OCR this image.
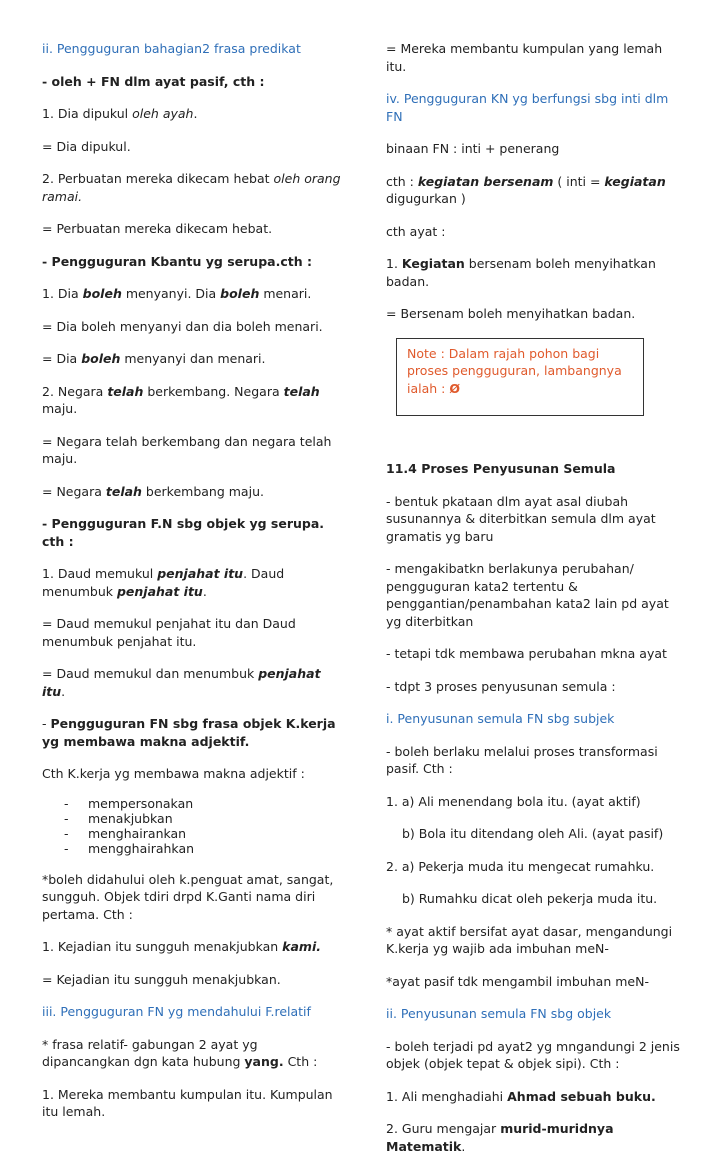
ii. Pengguguran bahagian2 frasa predikat

- oleh + FN dlm ayat pasif, cth :

1. Dia dipukul oleh ayah.

= Dia dipukul.

2. Perbuatan mereka dikecam hebat oleh orang ramai.

= Perbuatan mereka dikecam hebat.

- Pengguguran Kbantu yg serupa.cth :

1. Dia boleh menyanyi. Dia boleh menari.

= Dia boleh menyanyi dan dia boleh menari.

= Dia boleh menyanyi dan menari.

2. Negara telah berkembang. Negara telah maju.

= Negara telah berkembang dan negara telah maju.

= Negara telah berkembang maju.

- Pengguguran F.N sbg objek yg serupa. cth :

1. Daud memukul penjahat itu. Daud menumbuk penjahat itu.

= Daud memukul penjahat itu dan Daud menumbuk penjahat itu.

= Daud memukul dan menumbuk penjahat itu.

- Pengguguran FN sbg frasa objek K.kerja yg membawa makna adjektif.

Cth K.kerja yg membawa makna adjektif :

- mempersonakan
- menakjubkan
- menghairankan
- mengghairahkan

*boleh didahului oleh k.penguat amat, sangat, sungguh. Objek tdiri drpd K.Ganti nama diri pertama. Cth :

1. Kejadian itu sungguh menakjubkan kami.

= Kejadian itu sungguh menakjubkan.

iii. Pengguguran FN yg mendahului F.relatif

* frasa relatif- gabungan 2 ayat yg dipancangkan dgn kata hubung yang. Cth :

1. Mereka membantu kumpulan itu. Kumpulan itu lemah.

= Mereka membantu kumpulan yang lemah itu.

iv. Pengguguran KN yg berfungsi sbg inti dlm FN

binaan FN : inti + penerang

cth : kegiatan bersenam ( inti = kegiatan digugurkan )

cth ayat :

1. Kegiatan bersenam boleh menyihatkan badan.

= Bersenam boleh menyihatkan badan.

Note : Dalam rajah pohon bagi proses pengguguran, lambangnya ialah : Ø

11.4 Proses Penyusunan Semula

- bentuk pkataan dlm ayat asal diubah susunannya & diterbitkan semula dlm ayat gramatis yg baru

- mengakibatkn berlakunya perubahan/ pengguguran kata2 tertentu & penggantian/penambahan kata2 lain pd ayat yg diterbitkan

- tetapi tdk membawa perubahan mkna ayat

- tdpt 3 proses penyusunan semula :

i. Penyusunan semula FN sbg subjek

- boleh berlaku melalui proses transformasi pasif. Cth :

1. a) Ali menendang bola itu. (ayat aktif)

b) Bola itu ditendang oleh Ali. (ayat pasif)

2. a) Pekerja muda itu mengecat rumahku.

b) Rumahku dicat oleh pekerja muda itu.

* ayat aktif bersifat ayat dasar, mengandungi K.kerja yg wajib ada imbuhan meN-

*ayat pasif tdk mengambil imbuhan meN-

ii. Penyusunan semula FN sbg objek

- boleh terjadi pd ayat2 yg mngandungi 2 jenis objek (objek tepat & objek sipi). Cth :

1. Ali menghadiahi Ahmad sebuah buku.

2. Guru mengajar murid-muridnya Matematik.
